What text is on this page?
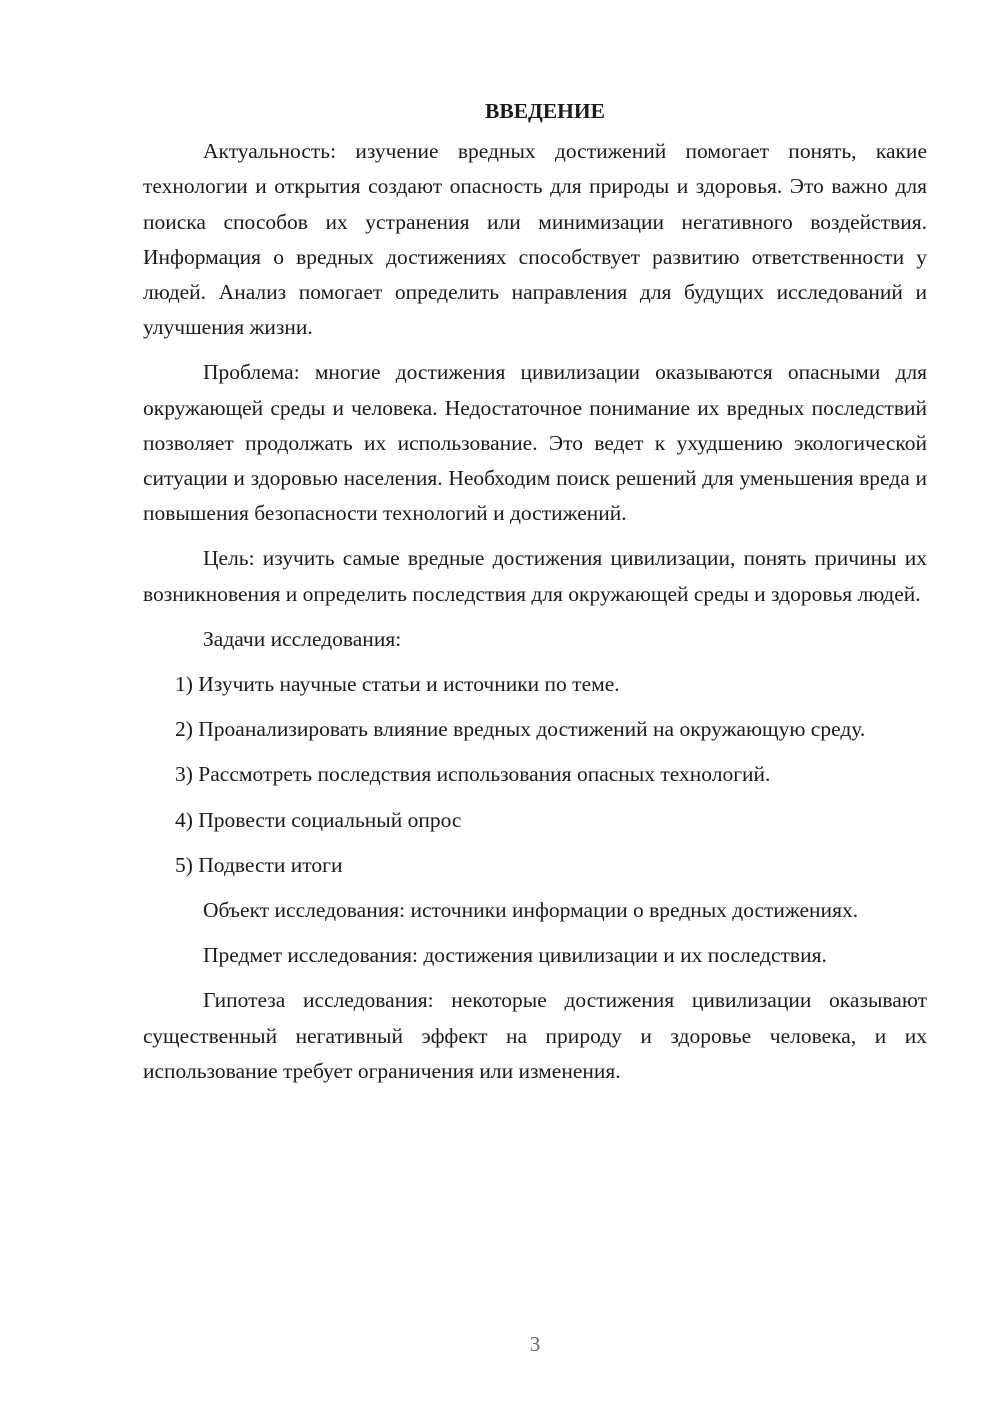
ВВЕДЕНИЕ

Актуальность: изучение вредных достижений помогает понять, какие технологии и открытия создают опасность для природы и здоровья. Это важно для поиска способов их устранения или минимизации негативного воздействия. Информация о вредных достижениях способствует развитию ответственности у людей. Анализ помогает определить направления для будущих исследований и улучшения жизни.

Проблема: многие достижения цивилизации оказываются опасными для окружающей среды и человека. Недостаточное понимание их вредных последствий позволяет продолжать их использование. Это ведет к ухудшению экологической ситуации и здоровью населения. Необходим поиск решений для уменьшения вреда и повышения безопасности технологий и достижений.

Цель: изучить самые вредные достижения цивилизации, понять причины их возникновения и определить последствия для окружающей среды и здоровья людей.

Задачи исследования:

1) Изучить научные статьи и источники по теме.

2) Проанализировать влияние вредных достижений на окружающую среду.

3) Рассмотреть последствия использования опасных технологий.

4) Провести социальный опрос

5) Подвести итоги

Объект исследования: источники информации о вредных достижениях.

Предмет исследования: достижения цивилизации и их последствия.

Гипотеза исследования: некоторые достижения цивилизации оказывают существенный негативный эффект на природу и здоровье человека, и их использование требует ограничения или изменения.

3
